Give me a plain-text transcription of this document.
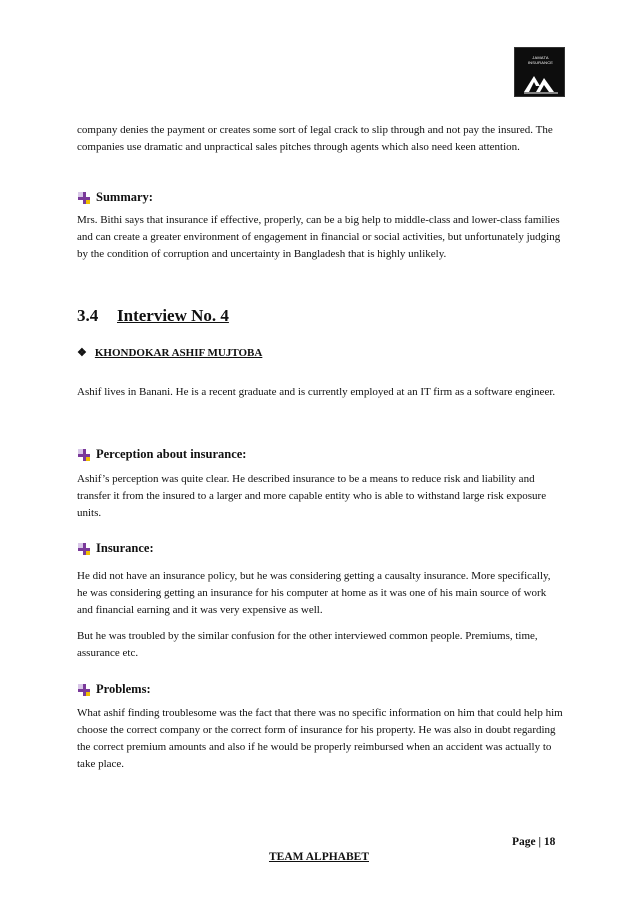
JAMATA
INSURANCE

company denies the payment or creates some sort of legal crack to slip through and not pay the insured. The companies use dramatic and unpractical sales pitches through agents which also need keen attention.

Summary:

Mrs. Bithi says that insurance if effective, properly, can be a big help to middle-class and lower-class families and can create a greater environment of engagement in financial or social activities, but unfortunately judging by the condition of corruption and uncertainty in Bangladesh that is highly unlikely.

3.4 Interview No. 4
❖ KHONDOKAR ASHIF MUJTOBA

Ashif lives in Banani. He is a recent graduate and is currently employed at an IT firm as a software engineer.

Perception about insurance:

Ashif’s perception was quite clear. He described insurance to be a means to reduce risk and liability and transfer it from the insured to a larger and more capable entity who is able to withstand large risk exposure units.

Insurance:

He did not have an insurance policy, but he was considering getting a causalty insurance. More specifically, he was considering getting an insurance for his computer at home as it was one of his main source of work and financial earning and it was very expensive as well.

But he was troubled by the similar confusion for the other interviewed common people. Premiums, time, assurance etc.

Problems:

What ashif finding troublesome was the fact that there was no specific information on him that could help him choose the correct company or the correct form of insurance for his property. He was also in doubt regarding the correct premium amounts and also if he would be properly reimbursed when an accident was actually to take place.

Page | 18
TEAM ALPHABET
